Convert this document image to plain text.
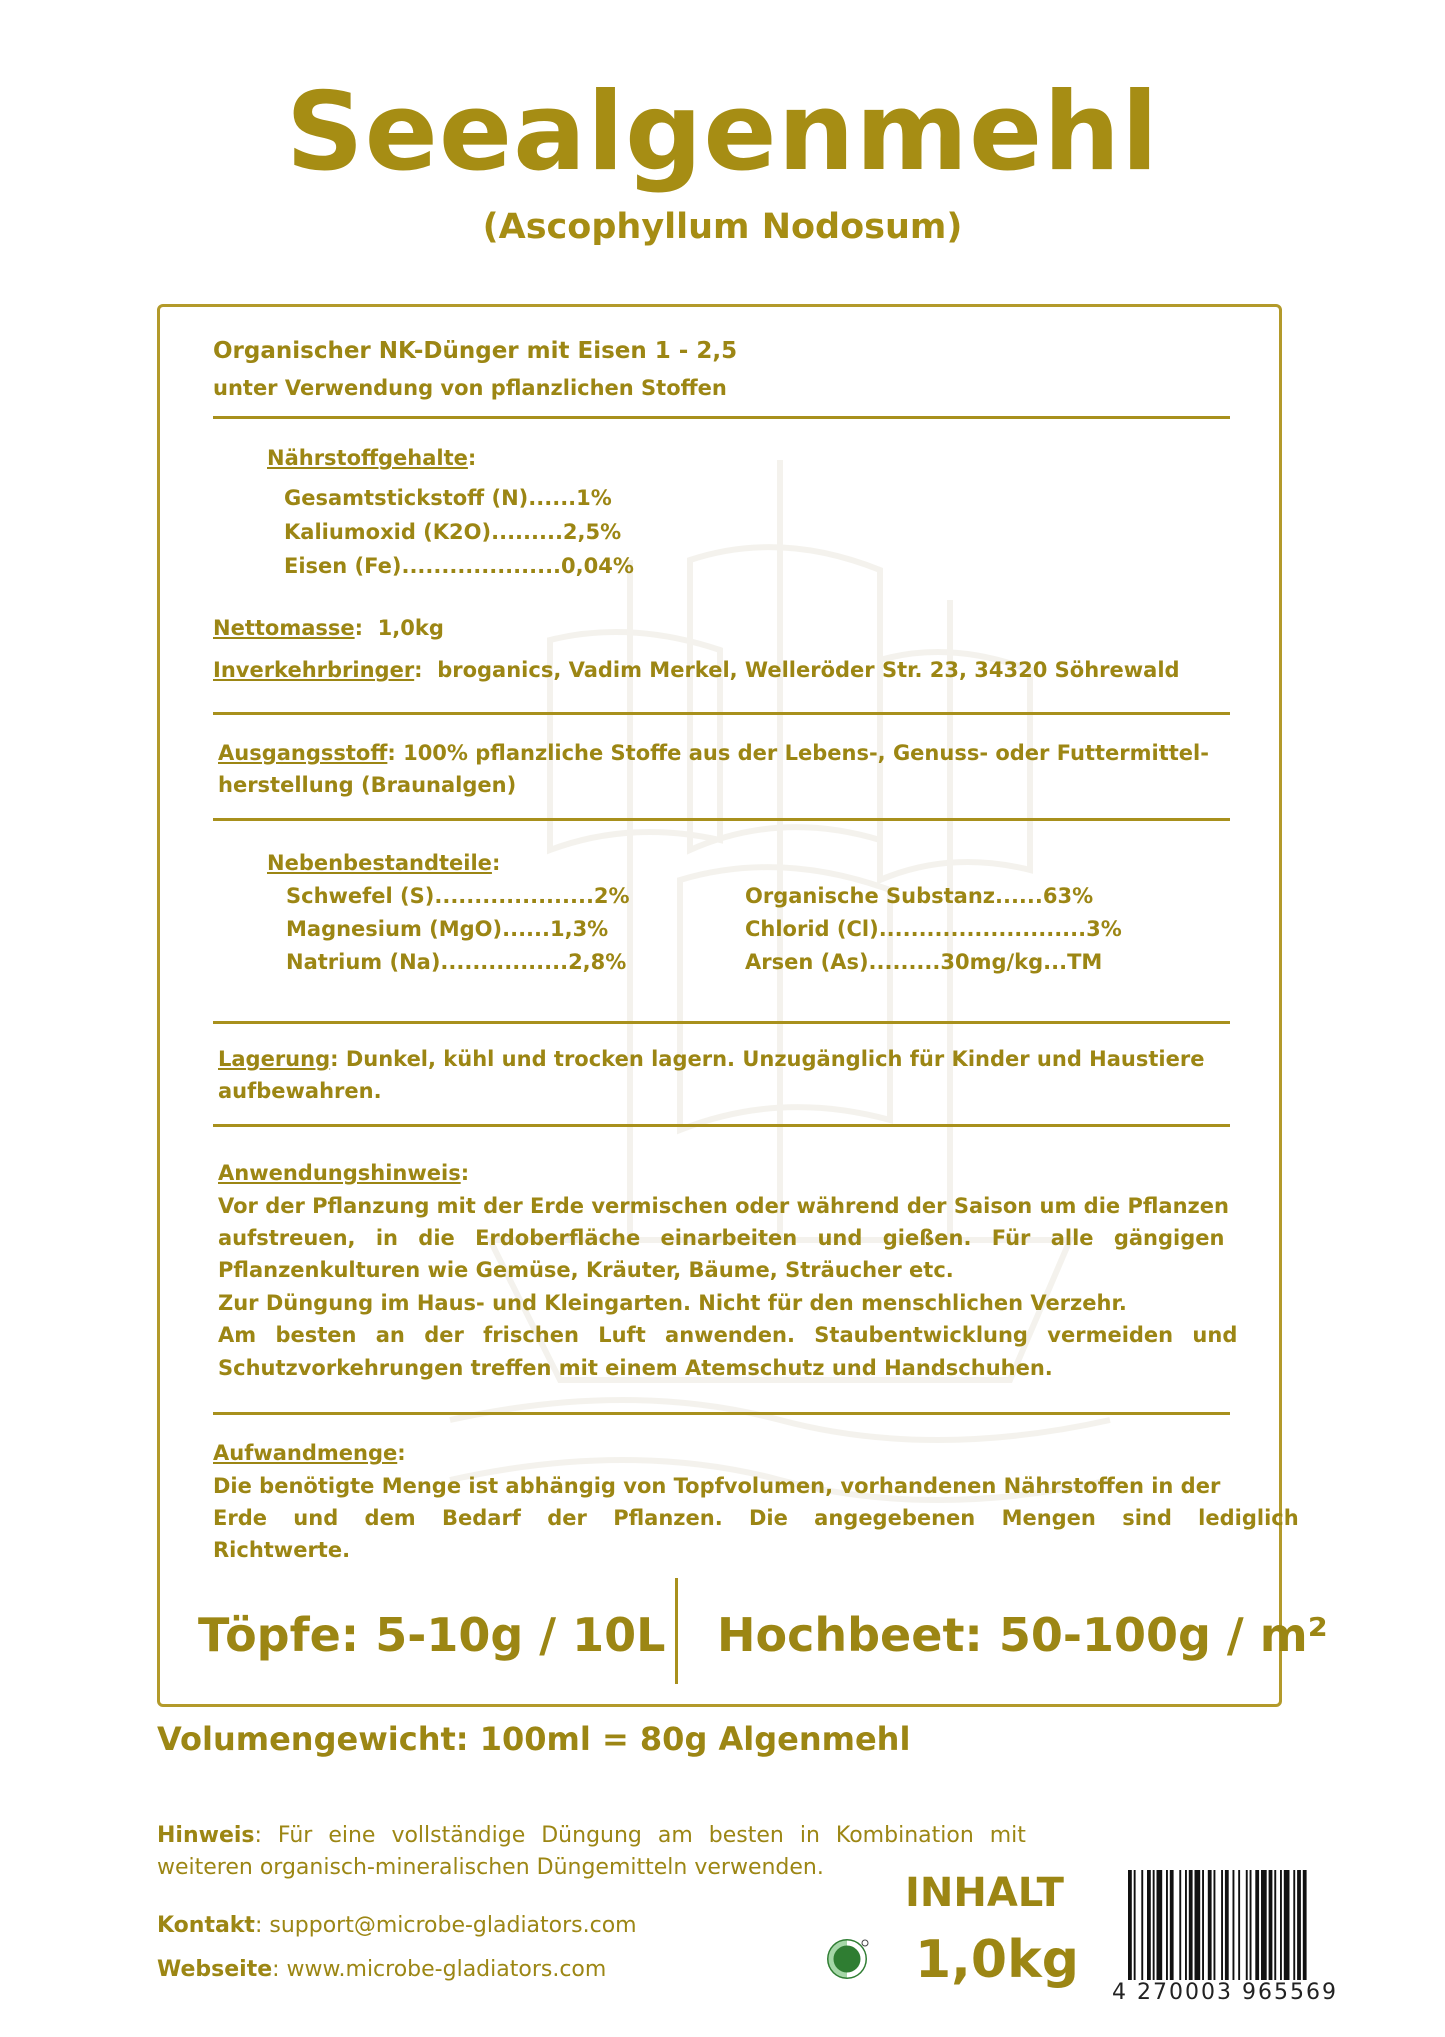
Seealgenmehl
(Ascophyllum Nodosum)
Organischer NK-Dünger mit Eisen 1 - 2,5
unter Verwendung von pflanzlichen Stoffen
Nährstoffgehalte:
Gesamtstickstoff (N)......1%
Kaliumoxid (K2O).........2,5%
Eisen (Fe)....................0,04%
Nettomasse:  1,0kg
Inverkehrbringer:  broganics, Vadim Merkel, Welleröder Str. 23, 34320 Söhrewald
Ausgangsstoff: 100% pflanzliche Stoffe aus der Lebens-, Genuss- oder Futtermittel-
herstellung (Braunalgen)
Nebenbestandteile:
Schwefel (S)....................2%
Magnesium (MgO)......1,3%
Natrium (Na)................2,8%
Organische Substanz......63%
Chlorid (Cl)..........................3%
Arsen (As).........30mg/kg...TM
Lagerung: Dunkel, kühl und trocken lagern. Unzugänglich für Kinder und Haustiere
aufbewahren.
Anwendungshinweis:
Vor der Pflanzung mit der Erde vermischen oder während der Saison um die Pflanzen
aufstreuen, in die Erdoberfläche einarbeiten und gießen. Für alle gängigen
Pflanzenkulturen wie Gemüse, Kräuter, Bäume, Sträucher etc.
Zur Düngung im Haus- und Kleingarten. Nicht für den menschlichen Verzehr.
Am besten an der frischen Luft anwenden. Staubentwicklung vermeiden und
Schutzvorkehrungen treffen mit einem Atemschutz und Handschuhen.
Aufwandmenge:
Die benötigte Menge ist abhängig von Topfvolumen, vorhandenen Nährstoffen in der
Erde und dem Bedarf der Pflanzen. Die angegebenen Mengen sind lediglich
Richtwerte.
Töpfe: 5-10g / 10L Hochbeet: 50-100g / m²
Volumengewicht: 100ml = 80g Algenmehl
Hinweis: Für eine vollständige Düngung am besten in Kombination mit
weiteren organisch-mineralischen Düngemitteln verwenden.
Kontakt: support@microbe-gladiators.com
Webseite: www.microbe-gladiators.com
INHALT
1,0kg
4 270003 965569
